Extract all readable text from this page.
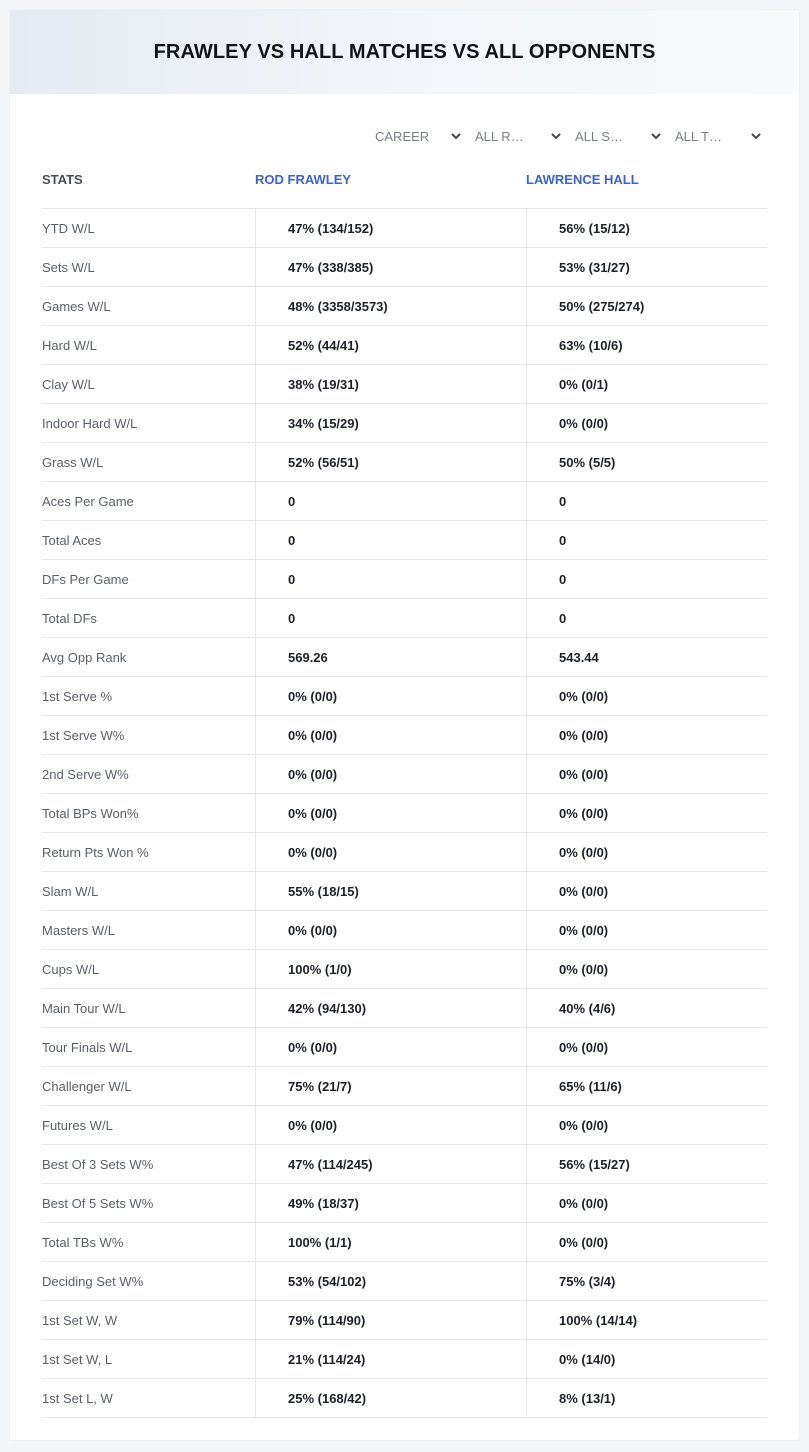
FRAWLEY VS HALL MATCHES VS ALL OPPONENTS
CAREER	ALL R…	ALL S…	ALL T…
STATS	ROD FRAWLEY	LAWRENCE HALL
YTD W/L	47% (134/152)	56% (15/12)
Sets W/L	47% (338/385)	53% (31/27)
Games W/L	48% (3358/3573)	50% (275/274)
Hard W/L	52% (44/41)	63% (10/6)
Clay W/L	38% (19/31)	0% (0/1)
Indoor Hard W/L	34% (15/29)	0% (0/0)
Grass W/L	52% (56/51)	50% (5/5)
Aces Per Game	0	0
Total Aces	0	0
DFs Per Game	0	0
Total DFs	0	0
Avg Opp Rank	569.26	543.44
1st Serve %	0% (0/0)	0% (0/0)
1st Serve W%	0% (0/0)	0% (0/0)
2nd Serve W%	0% (0/0)	0% (0/0)
Total BPs Won%	0% (0/0)	0% (0/0)
Return Pts Won %	0% (0/0)	0% (0/0)
Slam W/L	55% (18/15)	0% (0/0)
Masters W/L	0% (0/0)	0% (0/0)
Cups W/L	100% (1/0)	0% (0/0)
Main Tour W/L	42% (94/130)	40% (4/6)
Tour Finals W/L	0% (0/0)	0% (0/0)
Challenger W/L	75% (21/7)	65% (11/6)
Futures W/L	0% (0/0)	0% (0/0)
Best Of 3 Sets W%	47% (114/245)	56% (15/27)
Best Of 5 Sets W%	49% (18/37)	0% (0/0)
Total TBs W%	100% (1/1)	0% (0/0)
Deciding Set W%	53% (54/102)	75% (3/4)
1st Set W, W	79% (114/90)	100% (14/14)
1st Set W, L	21% (114/24)	0% (14/0)
1st Set L, W	25% (168/42)	8% (13/1)
